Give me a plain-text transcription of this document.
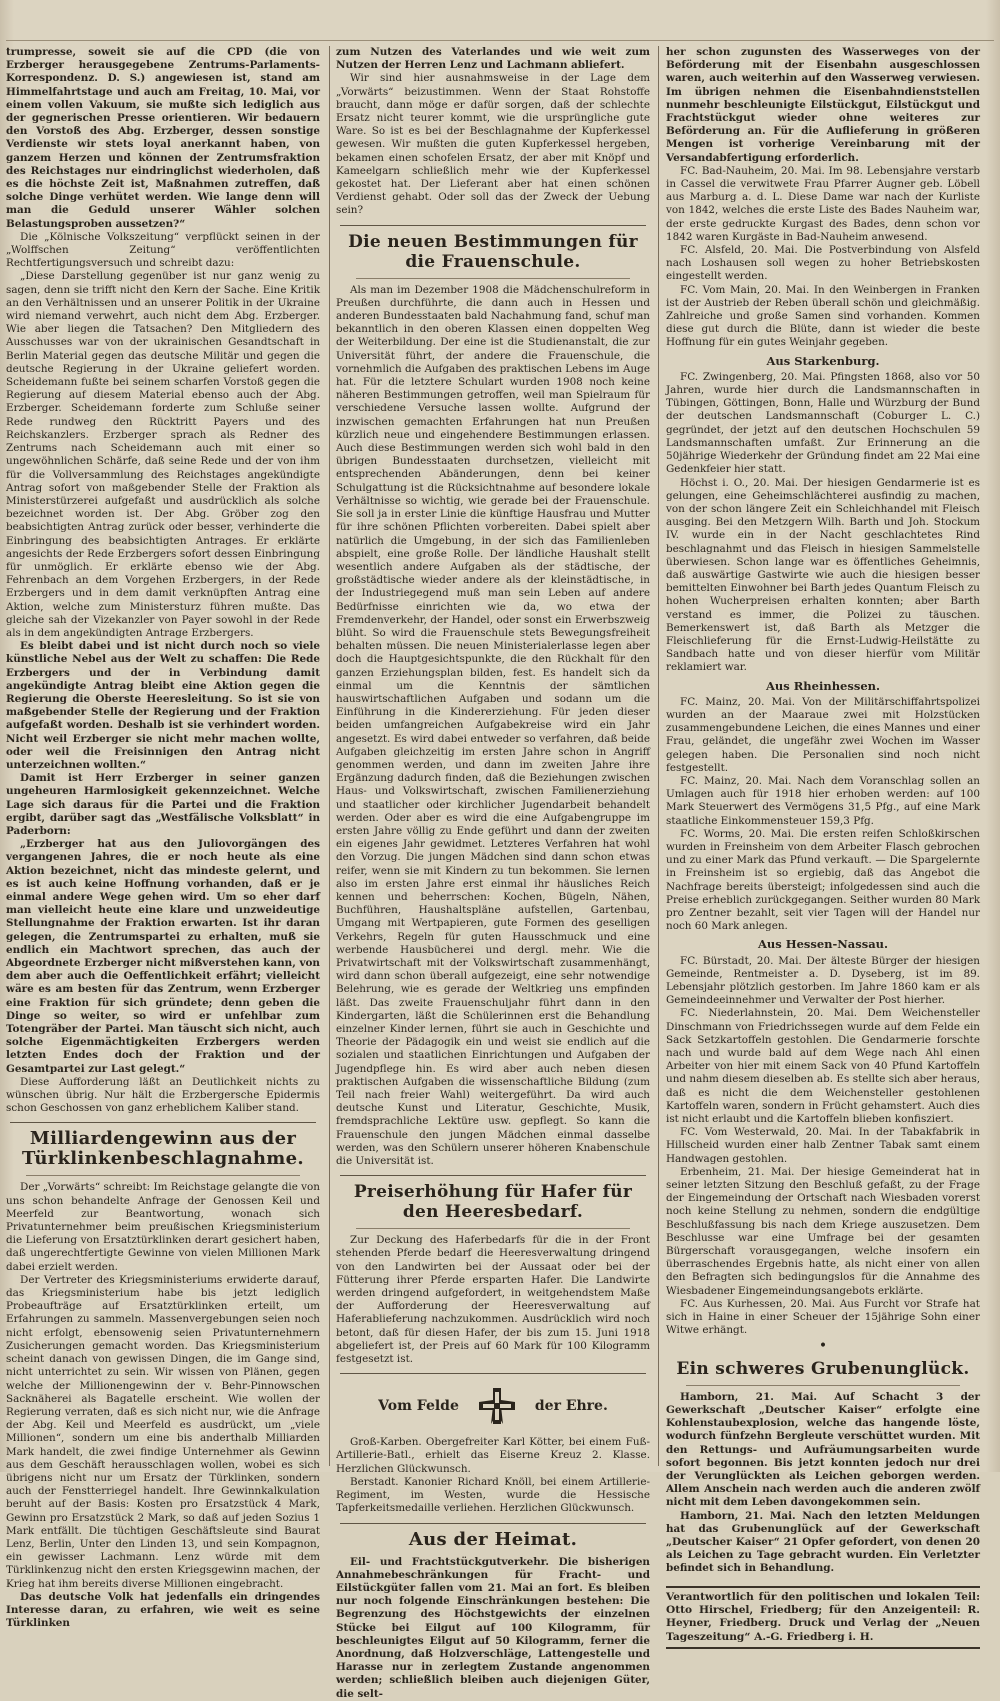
trumpresse, soweit sie auf die CPD (die von Erzberger herausgegebene Zentrums-Parlaments-Korrespondenz. D. S.) angewiesen ist, stand am Himmelfahrtstage und auch am Freitag, 10. Mai, vor einem vollen Vakuum, sie mußte sich lediglich aus der gegnerischen Presse orientieren. Wir bedauern den Vorstoß des Abg. Erzberger, dessen sonstige Verdienste wir stets loyal anerkannt haben, von ganzem Herzen und können der Zentrumsfraktion des Reichstages nur eindringlichst wiederholen, daß es die höchste Zeit ist, Maßnahmen zutreffen, daß solche Dinge verhütet werden. Wie lange denn will man die Geduld unserer Wähler solchen Belastungsproben aussetzen?“

Die „Kölnische Volkszeitung“ verpflückt seinen in der „Wolffschen Zeitung“ veröffentlichten Rechtfertigungsversuch und schreibt dazu:

„Diese Darstellung gegenüber ist nur ganz wenig zu sagen, denn sie trifft nicht den Kern der Sache. Eine Kritik an den Verhältnissen und an unserer Politik in der Ukraine wird niemand verwehrt, auch nicht dem Abg. Erzberger. Wie aber liegen die Tatsachen? Den Mitgliedern des Ausschusses war von der ukrainischen Gesandtschaft in Berlin Material gegen das deutsche Militär und gegen die deutsche Regierung in der Ukraine geliefert worden. Scheidemann fußte bei seinem scharfen Vorstoß gegen die Regierung auf diesem Material ebenso auch der Abg. Erzberger. Scheidemann forderte zum Schluße seiner Rede rundweg den Rücktritt Payers und des Reichskanzlers. Erzberger sprach als Redner des Zentrums nach Scheidemann auch mit einer so ungewöhnlichen Schärfe, daß seine Rede und der von ihm für die Vollversammlung des Reichstages angekündigte Antrag sofort von maßgebender Stelle der Fraktion als Ministerstürzerei aufgefaßt und ausdrücklich als solche bezeichnet worden ist. Der Abg. Gröber zog den beabsichtigten Antrag zurück oder besser, verhinderte die Einbringung des beabsichtigten Antrages. Er erklärte angesichts der Rede Erzbergers sofort dessen Einbringung für unmöglich. Er erklärte ebenso wie der Abg. Fehrenbach an dem Vorgehen Erzbergers, in der Rede Erzbergers und in dem damit verknüpften Antrag eine Aktion, welche zum Ministersturz führen mußte. Das gleiche sah der Vizekanzler von Payer sowohl in der Rede als in dem angekündigten Antrage Erzbergers.

Es bleibt dabei und ist nicht durch noch so viele künstliche Nebel aus der Welt zu schaffen: Die Rede Erzbergers und der in Verbindung damit angekündigte Antrag bleibt eine Aktion gegen die Regierung die Oberste Heeresleitung. So ist sie von maßgebender Stelle der Regierung und der Fraktion aufgefaßt worden. Deshalb ist sie verhindert worden. Nicht weil Erzberger sie nicht mehr machen wollte, oder weil die Freisinnigen den Antrag nicht unterzeichnen wollten.“

Damit ist Herr Erzberger in seiner ganzen ungeheuren Harmlosigkeit gekennzeichnet. Welche Lage sich daraus für die Partei und die Fraktion ergibt, darüber sagt das „Westfälische Volksblatt“ in Paderborn:

„Erzberger hat aus den Juliovorgängen des vergangenen Jahres, die er noch heute als eine Aktion bezeichnet, nicht das mindeste gelernt, und es ist auch keine Hoffnung vorhanden, daß er je einmal andere Wege gehen wird. Um so eher darf man vielleicht heute eine klare und unzweideutige Stellungnahme der Fraktion erwarten. Ist ihr daran gelegen, die Zentrumspartei zu erhalten, muß sie endlich ein Machtwort sprechen, das auch der Abgeordnete Erzberger nicht mißverstehen kann, von dem aber auch die Oeffentlichkeit erfährt; vielleicht wäre es am besten für das Zentrum, wenn Erzberger eine Fraktion für sich gründete; denn geben die Dinge so weiter, so wird er unfehlbar zum Totengräber der Partei. Man täuscht sich nicht, auch solche Eigenmächtigkeiten Erzbergers werden letzten Endes doch der Fraktion und der Gesamtpartei zur Last gelegt.“

Diese Aufforderung läßt an Deutlichkeit nichts zu wünschen übrig. Nur hält die Erzbergersche Epidermis schon Geschossen von ganz erheblichem Kaliber stand.

Milliardengewinn aus der Türklinkenbeschlagnahme.

Der „Vorwärts“ schreibt: Im Reichstage gelangte die von uns schon behandelte Anfrage der Genossen Keil und Meerfeld zur Beantwortung, wonach sich Privatunternehmer beim preußischen Kriegsministerium die Lieferung von Ersatztürklinken derart gesichert haben, daß ungerechtfertigte Gewinne von vielen Millionen Mark dabei erzielt werden.

Der Vertreter des Kriegsministeriums erwiderte darauf, das Kriegsministerium habe bis jetzt lediglich Probeaufträge auf Ersatztürklinken erteilt, um Erfahrungen zu sammeln. Massenvergebungen seien noch nicht erfolgt, ebensowenig seien Privatunternehmern Zusicherungen gemacht worden. Das Kriegsministerium scheint danach von gewissen Dingen, die im Gange sind, nicht unterrichtet zu sein. Wir wissen von Plänen, gegen welche der Millionengewinn der v. Behr-Pinnowschen Sacknäherei als Bagatelle erscheint. Wie wollen der Regierung verraten, daß es sich nicht nur, wie die Anfrage der Abg. Keil und Meerfeld es ausdrückt, um „viele Millionen“, sondern um eine bis anderthalb Milliarden Mark handelt, die zwei findige Unternehmer als Gewinn aus dem Geschäft herausschlagen wollen, wobei es sich übrigens nicht nur um Ersatz der Türklinken, sondern auch der Fenstterriegel handelt. Ihre Gewinnkalkulation beruht auf der Basis: Kosten pro Ersatzstück 4 Mark, Gewinn pro Ersatzstück 2 Mark, so daß auf jeden Sozius 1 Mark entfällt. Die tüchtigen Geschäftsleute sind Baurat Lenz, Berlin, Unter den Linden 13, und sein Kompagnon, ein gewisser Lachmann. Lenz würde mit dem Türklinkenzug nicht den ersten Kriegsgewinn machen, der Krieg hat ihm bereits diverse Millionen eingebracht.

Das deutsche Volk hat jedenfalls ein dringendes Interesse daran, zu erfahren, wie weit es seine Türklinken

zum Nutzen des Vaterlandes und wie weit zum Nutzen der Herren Lenz und Lachmann abliefert.

Wir sind hier ausnahmsweise in der Lage dem „Vorwärts“ beizustimmen. Wenn der Staat Rohstoffe braucht, dann möge er dafür sorgen, daß der schlechte Ersatz nicht teurer kommt, wie die ursprüngliche gute Ware. So ist es bei der Beschlagnahme der Kupferkessel gewesen. Wir mußten die guten Kupferkessel hergeben, bekamen einen schofelen Ersatz, der aber mit Knöpf und Kameelgarn schließlich mehr wie der Kupferkessel gekostet hat. Der Lieferant aber hat einen schönen Verdienst gehabt. Oder soll das der Zweck der Uebung sein?

Die neuen Bestimmungen für die Frauenschule.

Als man im Dezember 1908 die Mädchenschulreform in Preußen durchführte, die dann auch in Hessen und anderen Bundesstaaten bald Nachahmung fand, schuf man bekanntlich in den oberen Klassen einen doppelten Weg der Weiterbildung. Der eine ist die Studienanstalt, die zur Universität führt, der andere die Frauenschule, die vornehmlich die Aufgaben des praktischen Lebens im Auge hat. Für die letztere Schulart wurden 1908 noch keine näheren Bestimmungen getroffen, weil man Spielraum für verschiedene Versuche lassen wollte. Aufgrund der inzwischen gemachten Erfahrungen hat nun Preußen kürzlich neue und eingehendere Bestimmungen erlassen. Auch diese Bestimmungen werden sich wohl bald in den übrigen Bundesstaaten durchsetzen, vielleicht mit entsprechenden Abänderungen, denn bei keiner Schulgattung ist die Rücksichtnahme auf besondere lokale Verhältnisse so wichtig, wie gerade bei der Frauenschule. Sie soll ja in erster Linie die künftige Hausfrau und Mutter für ihre schönen Pflichten vorbereiten. Dabei spielt aber natürlich die Umgebung, in der sich das Familienleben abspielt, eine große Rolle. Der ländliche Haushalt stellt wesentlich andere Aufgaben als der städtische, der großstädtische wieder andere als der kleinstädtische, in der Industriegegend muß man sein Leben auf andere Bedürfnisse einrichten wie da, wo etwa der Fremdenverkehr, der Handel, oder sonst ein Erwerbszweig blüht. So wird die Frauenschule stets Bewegungsfreiheit behalten müssen. Die neuen Ministerialerlasse legen aber doch die Hauptgesichtspunkte, die den Rückhalt für den ganzen Erziehungsplan bilden, fest. Es handelt sich da einmal um die Kenntnis der sämtlichen hauswirtschaftlichen Aufgaben und sodann um die Einführung in die Kindererziehung. Für jeden dieser beiden umfangreichen Aufgabekreise wird ein Jahr angesetzt. Es wird dabei entweder so verfahren, daß beide Aufgaben gleichzeitig im ersten Jahre schon in Angriff genommen werden, und dann im zweiten Jahre ihre Ergänzung dadurch finden, daß die Beziehungen zwischen Haus- und Volkswirtschaft, zwischen Familienerziehung und staatlicher oder kirchlicher Jugendarbeit behandelt werden. Oder aber es wird die eine Aufgabengruppe im ersten Jahre völlig zu Ende geführt und dann der zweiten ein eigenes Jahr gewidmet. Letzteres Verfahren hat wohl den Vorzug. Die jungen Mädchen sind dann schon etwas reifer, wenn sie mit Kindern zu tun bekommen. Sie lernen also im ersten Jahre erst einmal ihr häusliches Reich kennen und beherrschen: Kochen, Bügeln, Nähen, Buchführen, Haushaltspläne aufstellen, Gartenbau, Umgang mit Wertpapieren, gute Formen des geselligen Verkehrs, Regeln für guten Hausschmuck und eine werbende Hausbücherei und dergl. mehr. Wie die Privatwirtschaft mit der Volkswirtschaft zusammenhängt, wird dann schon überall aufgezeigt, eine sehr notwendige Belehrung, wie es gerade der Weltkrieg uns empfinden läßt. Das zweite Frauenschuljahr führt dann in den Kindergarten, läßt die Schülerinnen erst die Behandlung einzelner Kinder lernen, führt sie auch in Geschichte und Theorie der Pädagogik ein und weist sie endlich auf die sozialen und staatlichen Einrichtungen und Aufgaben der Jugendpflege hin. Es wird aber auch neben diesen praktischen Aufgaben die wissenschaftliche Bildung (zum Teil nach freier Wahl) weitergeführt. Da wird auch deutsche Kunst und Literatur, Geschichte, Musik, fremdsprachliche Lektüre usw. gepflegt. So kann die Frauenschule den jungen Mädchen einmal dasselbe werden, was den Schülern unserer höheren Knabenschule die Universität ist.

Preiserhöhung für Hafer für den Heeresbedarf.

Zur Deckung des Haferbedarfs für die in der Front stehenden Pferde bedarf die Heeresverwaltung dringend von den Landwirten bei der Aussaat oder bei der Fütterung ihrer Pferde ersparten Hafer. Die Landwirte werden dringend aufgefordert, in weitgehendstem Maße der Aufforderung der Heeresverwaltung auf Haferablieferung nachzukommen. Ausdrücklich wird noch betont, daß für diesen Hafer, der bis zum 15. Juni 1918 abgeliefert ist, der Preis auf 60 Mark für 100 Kilogramm festgesetzt ist.

Vom Felde	der Ehre.

Groß-Karben. Obergefreiter Karl Kötter, bei einem Fuß-Artillerie-Batl., erhielt das Eiserne Kreuz 2. Klasse. Herzlichen Glückwunsch.

Berstadt. Kanonier Richard Knöll, bei einem Artillerie-Regiment, im Westen, wurde die Hessische Tapferkeitsmedaille verliehen. Herzlichen Glückwunsch.

Aus der Heimat.

Eil- und Frachtstückgutverkehr. Die bisherigen Annahmebeschränkungen für Fracht- und Eilstückgüter fallen vom 21. Mai an fort. Es bleiben nur noch folgende Einschränkungen bestehen: Die Begrenzung des Höchstgewichts der einzelnen Stücke bei Eilgut auf 100 Kilogramm, für beschleunigtes Eilgut auf 50 Kilogramm, ferner die Anordnung, daß Holzverschläge, Lattengestelle und Harasse nur in zerlegtem Zustande angenommen werden; schließlich bleiben auch diejenigen Güter, die selt-

her schon zugunsten des Wasserweges von der Beförderung mit der Eisenbahn ausgeschlossen waren, auch weiterhin auf den Wasserweg verwiesen. Im übrigen nehmen die Eisenbahndienststellen nunmehr beschleunigte Eilstückgut, Eilstückgut und Frachtstückgut wieder ohne weiteres zur Beförderung an. Für die Auflieferung in größeren Mengen ist vorherige Vereinbarung mit der Versandabfertigung erforderlich.

FC. Bad-Nauheim, 20. Mai. Im 98. Lebensjahre verstarb in Cassel die verwitwete Frau Pfarrer Augner geb. Löbell aus Marburg a. d. L. Diese Dame war nach der Kurliste von 1842, welches die erste Liste des Bades Nauheim war, der erste gedruckte Kurgast des Bades, denn schon vor 1842 waren Kurgäste in Bad-Nauheim anwesend.

FC. Alsfeld, 20. Mai. Die Postverbindung von Alsfeld nach Loshausen soll wegen zu hoher Betriebskosten eingestellt werden.

FC. Vom Main, 20. Mai. In den Weinbergen in Franken ist der Austrieb der Reben überall schön und gleichmäßig. Zahlreiche und große Samen sind vorhanden. Kommen diese gut durch die Blüte, dann ist wieder die beste Hoffnung für ein gutes Weinjahr gegeben.

Aus Starkenburg.

FC. Zwingenberg, 20. Mai. Pfingsten 1868, also vor 50 Jahren, wurde hier durch die Landsmannschaften in Tübingen, Göttingen, Bonn, Halle und Würzburg der Bund der deutschen Landsmannschaft (Coburger L. C.) gegründet, der jetzt auf den deutschen Hochschulen 59 Landsmannschaften umfaßt. Zur Erinnerung an die 50jährige Wiederkehr der Gründung findet am 22 Mai eine Gedenkfeier hier statt.

Höchst i. O., 20. Mai. Der hiesigen Gendarmerie ist es gelungen, eine Geheimschlächterei ausfindig zu machen, von der schon längere Zeit ein Schleichhandel mit Fleisch ausging. Bei den Metzgern Wilh. Barth und Joh. Stockum IV. wurde ein in der Nacht geschlachtetes Rind beschlagnahmt und das Fleisch in hiesigen Sammelstelle überwiesen. Schon lange war es öffentliches Geheimnis, daß auswärtige Gastwirte wie auch die hiesigen besser bemittelten Einwohner bei Barth jedes Quantum Fleisch zu hohen Wucherpreisen erhalten konnten; aber Barth verstand es immer, die Polizei zu täuschen. Bemerkenswert ist, daß Barth als Metzger die Fleischlieferung für die Ernst-Ludwig-Heilstätte zu Sandbach hatte und von dieser hierfür vom Militär reklamiert war.

Aus Rheinhessen.

FC. Mainz, 20. Mai. Von der Militärschiffahrtspolizei wurden an der Maaraue zwei mit Holzstücken zusammengebundene Leichen, die eines Mannes und einer Frau, geländet, die ungefähr zwei Wochen im Wasser gelegen haben. Die Personalien sind noch nicht festgestellt.

FC. Mainz, 20. Mai. Nach dem Voranschlag sollen an Umlagen auch für 1918 hier erhoben werden: auf 100 Mark Steuerwert des Vermögens 31,5 Pfg., auf eine Mark staatliche Einkommensteuer 159,3 Pfg.

FC. Worms, 20. Mai. Die ersten reifen Schloßkirschen wurden in Freinsheim von dem Arbeiter Flasch gebrochen und zu einer Mark das Pfund verkauft. — Die Spargelernte in Freinsheim ist so ergiebig, daß das Angebot die Nachfrage bereits übersteigt; infolgedessen sind auch die Preise erheblich zurückgegangen. Seither wurden 80 Mark pro Zentner bezahlt, seit vier Tagen will der Handel nur noch 60 Mark anlegen.

Aus Hessen-Nassau.

FC. Bürstadt, 20. Mai. Der älteste Bürger der hiesigen Gemeinde, Rentmeister a. D. Dyseberg, ist im 89. Lebensjahr plötzlich gestorben. Im Jahre 1860 kam er als Gemeindeeinnehmer und Verwalter der Post hierher.

FC. Niederlahnstein, 20. Mai. Dem Weichensteller Dinschmann von Friedrichssegen wurde auf dem Felde ein Sack Setzkartoffeln gestohlen. Die Gendarmerie forschte nach und wurde bald auf dem Wege nach Ahl einen Arbeiter von hier mit einem Sack von 40 Pfund Kartoffeln und nahm diesem dieselben ab. Es stellte sich aber heraus, daß es nicht die dem Weichensteller gestohlenen Kartoffeln waren, sondern in Frücht gehamstert. Auch dies ist nicht erlaubt und die Kartoffeln blieben konfisziert.

FC. Vom Westerwald, 20. Mai. In der Tabakfabrik in Hillscheid wurden einer halb Zentner Tabak samt einem Handwagen gestohlen.

Erbenheim, 21. Mai. Der hiesige Gemeinderat hat in seiner letzten Sitzung den Beschluß gefaßt, zu der Frage der Eingemeindung der Ortschaft nach Wiesbaden vorerst noch keine Stellung zu nehmen, sondern die endgültige Beschlußfassung bis nach dem Kriege auszusetzen. Dem Beschlusse war eine Umfrage bei der gesamten Bürgerschaft vorausgegangen, welche insofern ein überraschendes Ergebnis hatte, als nicht einer von allen den Befragten sich bedingungslos für die Annahme des Wiesbadener Eingemeindungsangebots erklärte.

FC. Aus Kurhessen, 20. Mai. Aus Furcht vor Strafe hat sich in Haine in einer Scheuer der 15jährige Sohn einer Witwe erhängt.

•
Ein schweres Grubenunglück.

Hamborn, 21. Mai. Auf Schacht 3 der Gewerkschaft „Deutscher Kaiser“ erfolgte eine Kohlenstaubexplosion, welche das hangende löste, wodurch fünfzehn Bergleute verschüttet wurden. Mit den Rettungs- und Aufräumungsarbeiten wurde sofort begonnen. Bis jetzt konnten jedoch nur drei der Verunglückten als Leichen geborgen werden. Allem Anschein nach werden auch die anderen zwölf nicht mit dem Leben davongekommen sein.

Hamborn, 21. Mai. Nach den letzten Meldungen hat das Grubenunglück auf der Gewerkschaft „Deutscher Kaiser“ 21 Opfer gefordert, von denen 20 als Leichen zu Tage gebracht wurden. Ein Verletzter befindet sich in Behandlung.

Verantwortlich für den politischen und lokalen Teil: Otto Hirschel, Friedberg; für den Anzeigenteil: R. Heyner, Friedberg. Druck und Verlag der „Neuen Tageszeitung“ A.-G. Friedberg i. H.
